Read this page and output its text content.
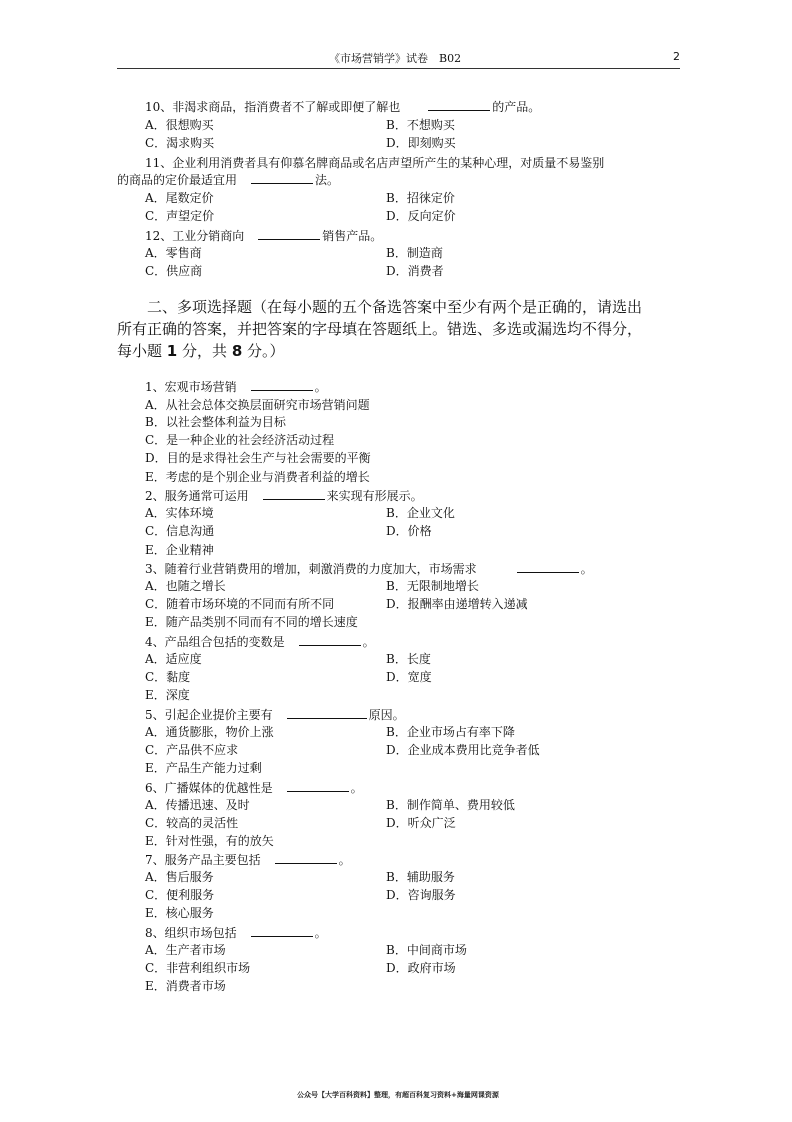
《市场营销学》试卷　B02	2
10、非渴求商品，指消费者不了解或即便了解也	的产品。
A．很想购买	B．不想购买
C．渴求购买	D．即刻购买
11、企业利用消费者具有仰慕名牌商品或名店声望所产生的某种心理，对质量不易鉴别
的商品的定价最适宜用	法。
A．尾数定价	B．招徕定价
C．声望定价	D．反向定价
12、工业分销商向	销售产品。
A．零售商	B．制造商
C．供应商	D．消费者
二、多项选择题（在每小题的五个备选答案中至少有两个是正确的，请选出
所有正确的答案，并把答案的字母填在答题纸上。错选、多选或漏选均不得分，
每小题 1 分，共 8 分。）
1、宏观市场营销	。
A．从社会总体交换层面研究市场营销问题
B．以社会整体利益为目标
C．是一种企业的社会经济活动过程
D．目的是求得社会生产与社会需要的平衡
E．考虑的是个别企业与消费者利益的增长
2、服务通常可运用	来实现有形展示。
A．实体环境	B．企业文化
C．信息沟通	D．价格
E．企业精神
3、随着行业营销费用的增加，刺激消费的力度加大，市场需求	。
A．也随之增长	B．无限制地增长
C．随着市场环境的不同而有所不同	D．报酬率由递增转入递减
E．随产品类别不同而有不同的增长速度
4、产品组合包括的变数是	。
A．适应度	B．长度
C．黏度	D．宽度
E．深度
5、引起企业提价主要有	原因。
A．通货膨胀，物价上涨	B．企业市场占有率下降
C．产品供不应求	D．企业成本费用比竞争者低
E．产品生产能力过剩
6、广播媒体的优越性是	。
A．传播迅速、及时	B．制作简单、费用较低
C．较高的灵活性	D．听众广泛
E．针对性强，有的放矢
7、服务产品主要包括	。
A．售后服务	B．辅助服务
C．便利服务	D．咨询服务
E．核心服务
8、组织市场包括	。
A．生产者市场	B．中间商市场
C．非营利组织市场	D．政府市场
E．消费者市场
公众号【大学百科资料】整理，有超百科复习资料+海量网课资源
